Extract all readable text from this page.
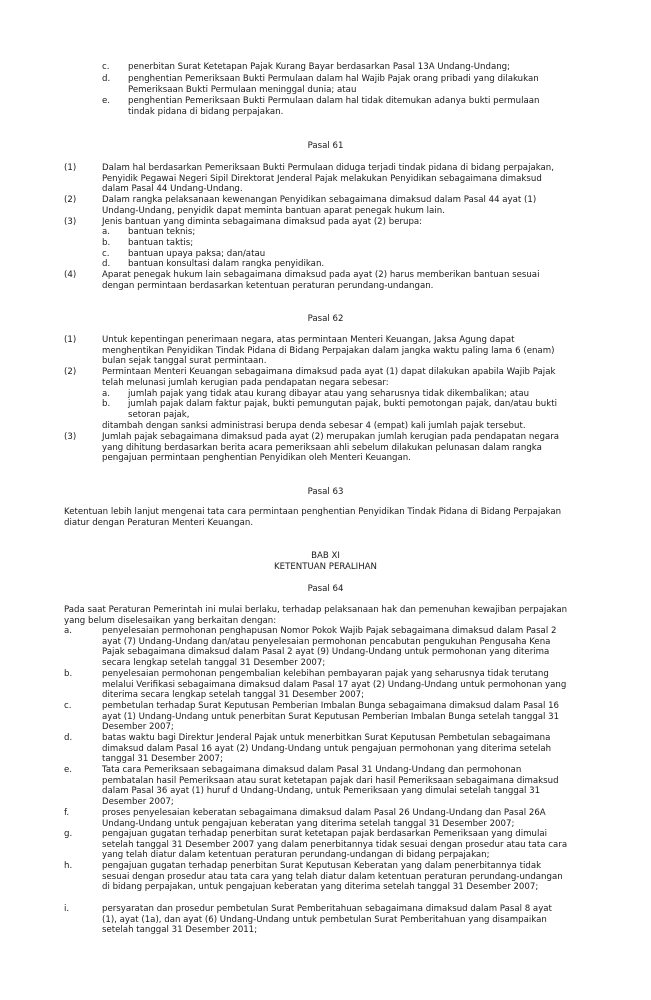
c. penerbitan Surat Ketetapan Pajak Kurang Bayar berdasarkan Pasal 13A Undang-Undang;
d. penghentian Pemeriksaan Bukti Permulaan dalam hal Wajib Pajak orang pribadi yang dilakukan Pemeriksaan Bukti Permulaan meninggal dunia; atau
e. penghentian Pemeriksaan Bukti Permulaan dalam hal tidak ditemukan adanya bukti permulaan tindak pidana di bidang perpajakan.
Pasal 61
(1)	Dalam hal berdasarkan Pemeriksaan Bukti Permulaan diduga terjadi tindak pidana di bidang perpajakan, Penyidik Pegawai Negeri Sipil Direktorat Jenderal Pajak melakukan Penyidikan sebagaimana dimaksud dalam Pasal 44 Undang-Undang.
(2)	Dalam rangka pelaksanaan kewenangan Penyidikan sebagaimana dimaksud dalam Pasal 44 ayat (1) Undang-Undang, penyidik dapat meminta bantuan aparat penegak hukum lain.
(3)	Jenis bantuan yang diminta sebagaimana dimaksud pada ayat (2) berupa:
a. bantuan teknis;
b. bantuan taktis;
c. bantuan upaya paksa; dan/atau
d. bantuan konsultasi dalam rangka penyidikan.
(4)	Aparat penegak hukum lain sebagaimana dimaksud pada ayat (2) harus memberikan bantuan sesuai dengan permintaan berdasarkan ketentuan peraturan perundang-undangan.
Pasal 62
(1)	Untuk kepentingan penerimaan negara, atas permintaan Menteri Keuangan, Jaksa Agung dapat menghentikan Penyidikan Tindak Pidana di Bidang Perpajakan dalam jangka waktu paling lama 6 (enam) bulan sejak tanggal surat permintaan.
(2)	Permintaan Menteri Keuangan sebagaimana dimaksud pada ayat (1) dapat dilakukan apabila Wajib Pajak telah melunasi jumlah kerugian pada pendapatan negara sebesar:
a. jumlah pajak yang tidak atau kurang dibayar atau yang seharusnya tidak dikembalikan; atau
b. jumlah pajak dalam faktur pajak, bukti pemungutan pajak, bukti pemotongan pajak, dan/atau bukti setoran pajak,
ditambah dengan sanksi administrasi berupa denda sebesar 4 (empat) kali jumlah pajak tersebut.
(3)	Jumlah pajak sebagaimana dimaksud pada ayat (2) merupakan jumlah kerugian pada pendapatan negara yang dihitung berdasarkan berita acara pemeriksaan ahli sebelum dilakukan pelunasan dalam rangka pengajuan permintaan penghentian Penyidikan oleh Menteri Keuangan.
Pasal 63
Ketentuan lebih lanjut mengenai tata cara permintaan penghentian Penyidikan Tindak Pidana di Bidang Perpajakan diatur dengan Peraturan Menteri Keuangan.
BAB XI
KETENTUAN PERALIHAN
Pasal 64
Pada saat Peraturan Pemerintah ini mulai berlaku, terhadap pelaksanaan hak dan pemenuhan kewajiban perpajakan yang belum diselesaikan yang berkaitan dengan:
a.	penyelesaian permohonan penghapusan Nomor Pokok Wajib Pajak sebagaimana dimaksud dalam Pasal 2 ayat (7) Undang-Undang dan/atau penyelesaian permohonan pencabutan pengukuhan Pengusaha Kena Pajak sebagaimana dimaksud dalam Pasal 2 ayat (9) Undang-Undang untuk permohonan yang diterima secara lengkap setelah tanggal 31 Desember 2007;
b.	penyelesaian permohonan pengembalian kelebihan pembayaran pajak yang seharusnya tidak terutang melalui Verifikasi sebagaimana dimaksud dalam Pasal 17 ayat (2) Undang-Undang untuk permohonan yang diterima secara lengkap setelah tanggal 31 Desember 2007;
c.	pembetulan terhadap Surat Keputusan Pemberian Imbalan Bunga sebagaimana dimaksud dalam Pasal 16 ayat (1) Undang-Undang untuk penerbitan Surat Keputusan Pemberian Imbalan Bunga setelah tanggal 31 Desember 2007;
d.	batas waktu bagi Direktur Jenderal Pajak untuk menerbitkan Surat Keputusan Pembetulan sebagaimana dimaksud dalam Pasal 16 ayat (2) Undang-Undang untuk pengajuan permohonan yang diterima setelah tanggal 31 Desember 2007;
e.	Tata cara Pemeriksaan sebagaimana dimaksud dalam Pasal 31 Undang-Undang dan permohonan pembatalan hasil Pemeriksaan atau surat ketetapan pajak dari hasil Pemeriksaan sebagaimana dimaksud dalam Pasal 36 ayat (1) huruf d Undang-Undang, untuk Pemeriksaan yang dimulai setelah tanggal 31 Desember 2007;
f.	proses penyelesaian keberatan sebagaimana dimaksud dalam Pasal 26 Undang-Undang dan Pasal 26A Undang-Undang untuk pengajuan keberatan yang diterima setelah tanggal 31 Desember 2007;
g.	pengajuan gugatan terhadap penerbitan surat ketetapan pajak berdasarkan Pemeriksaan yang dimulai setelah tanggal 31 Desember 2007 yang dalam penerbitannya tidak sesuai dengan prosedur atau tata cara yang telah diatur dalam ketentuan peraturan perundang-undangan di bidang perpajakan;
h.	pengajuan gugatan terhadap penerbitan Surat Keputusan Keberatan yang dalam penerbitannya tidak sesuai dengan prosedur atau tata cara yang telah diatur dalam ketentuan peraturan perundang-undangan di bidang perpajakan, untuk pengajuan keberatan yang diterima setelah tanggal 31 Desember 2007;
i.	persyaratan dan prosedur pembetulan Surat Pemberitahuan sebagaimana dimaksud dalam Pasal 8 ayat (1), ayat (1a), dan ayat (6) Undang-Undang untuk pembetulan Surat Pemberitahuan yang disampaikan setelah tanggal 31 Desember 2011;
